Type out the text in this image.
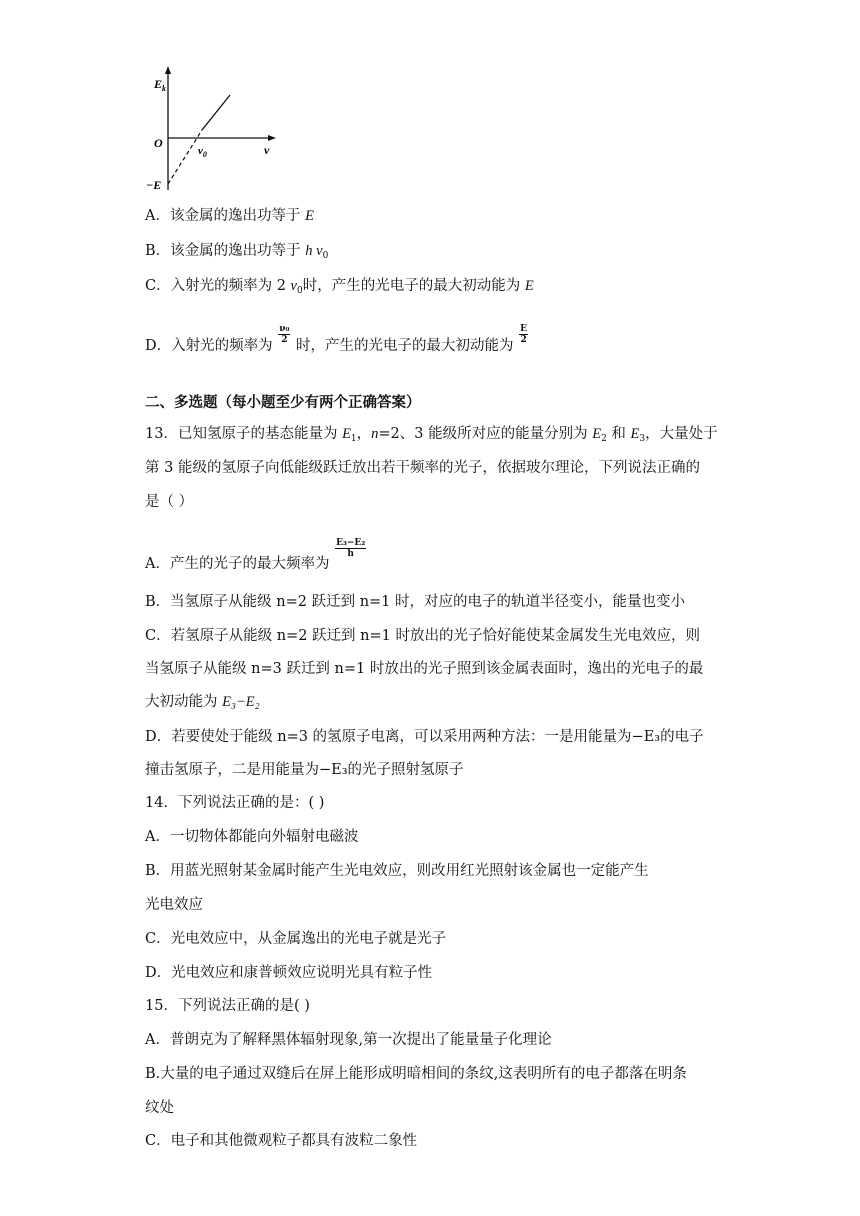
$E_k$
O	ν
$\nu_0$
−E
A．该金属的逸出功等于 E
B．该金属的逸出功等于 h $\nu_0$
C．入射光的频率为 2 $\nu_0$时，产生的光电子的最大初动能为 E
D．入射光的频率为
$\frac{\text{ν₀}}{2}$
时，产生的光电子的最大初动能为
$\frac{E}{2}$
二、多选题（每小题至少有两个正确答案）
13．已知氢原子的基态能量为 $E_1$，n=2、3 能级所对应的能量分别为 $E_2$ 和 $E_3$，大量处于
第 3 能级的氢原子向低能级跃迁放出若干频率的光子，依据玻尔理论，下列说法正确的
是（ ）
A．产生的光子的最大频率为
$\frac{\text{E₃−E₂}}{h}$
B．当氢原子从能级 n=2 跃迁到 n=1 时，对应的电子的轨道半径变小，能量也变小
C．若氢原子从能级 n=2 跃迁到 n=1 时放出的光子恰好能使某金属发生光电效应，则
当氢原子从能级 n=3 跃迁到 n=1 时放出的光子照到该金属表面时，逸出的光电子的最
大初动能为 E₃−E₂
D．若要使处于能级 n=3 的氢原子电离，可以采用两种方法：一是用能量为−E₃的电子
撞击氢原子，二是用能量为−E₃的光子照射氢原子
14．下列说法正确的是：( )
A．一切物体都能向外辐射电磁波
B．用蓝光照射某金属时能产生光电效应，则改用红光照射该金属也一定能产生
光电效应
C．光电效应中，从金属逸出的光电子就是光子
D．光电效应和康普顿效应说明光具有粒子性
15．下列说法正确的是( )
A．普朗克为了解释黑体辐射现象,第一次提出了能量量子化理论
B.大量的电子通过双缝后在屏上能形成明暗相间的条纹,这表明所有的电子都落在明条
纹处
C．电子和其他微观粒子都具有波粒二象性
